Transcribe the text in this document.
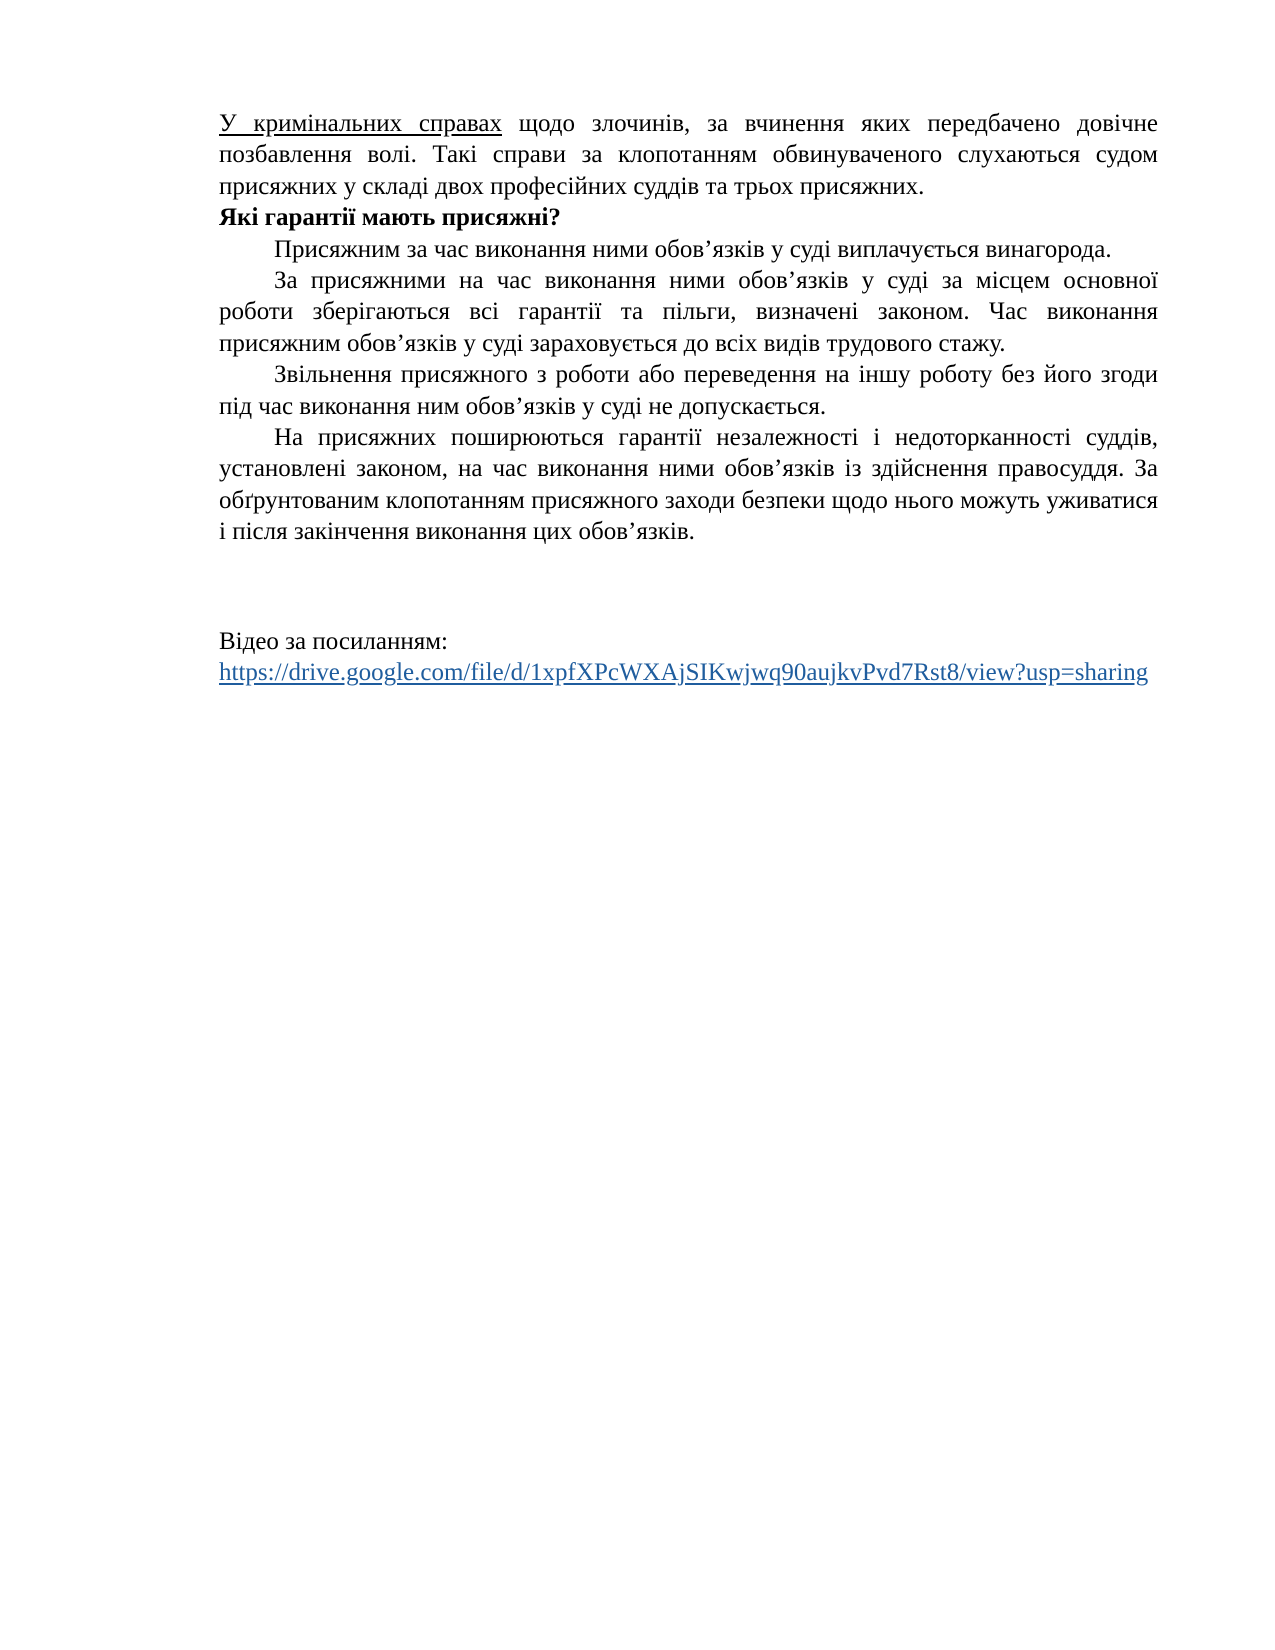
У кримінальних справах щодо злочинів, за вчинення яких передбачено довічне позбавлення волі. Такі справи за клопотанням обвинуваченого слухаються судом присяжних у складі двох професійних суддів та трьох присяжних.

Які гарантії мають присяжні?

Присяжним за час виконання ними обов’язків у суді виплачується винагорода.

За присяжними на час виконання ними обов’язків у суді за місцем основної роботи зберігаються всі гарантії та пільги, визначені законом. Час виконання присяжним обов’язків у суді зараховується до всіх видів трудового стажу.

Звільнення присяжного з роботи або переведення на іншу роботу без його згоди під час виконання ним обов’язків у суді не допускається.

На присяжних поширюються гарантії незалежності і недоторканності суддів, установлені законом, на час виконання ними обов’язків із здійснення правосуддя. За обґрунтованим клопотанням присяжного заходи безпеки щодо нього можуть уживатися і після закінчення виконання цих обов’язків.

Відео за посиланням:

https://drive.google.com/file/d/1xpfXPcWXAjSIKwjwq90aujkvPvd7Rst8/view?usp=sharing
